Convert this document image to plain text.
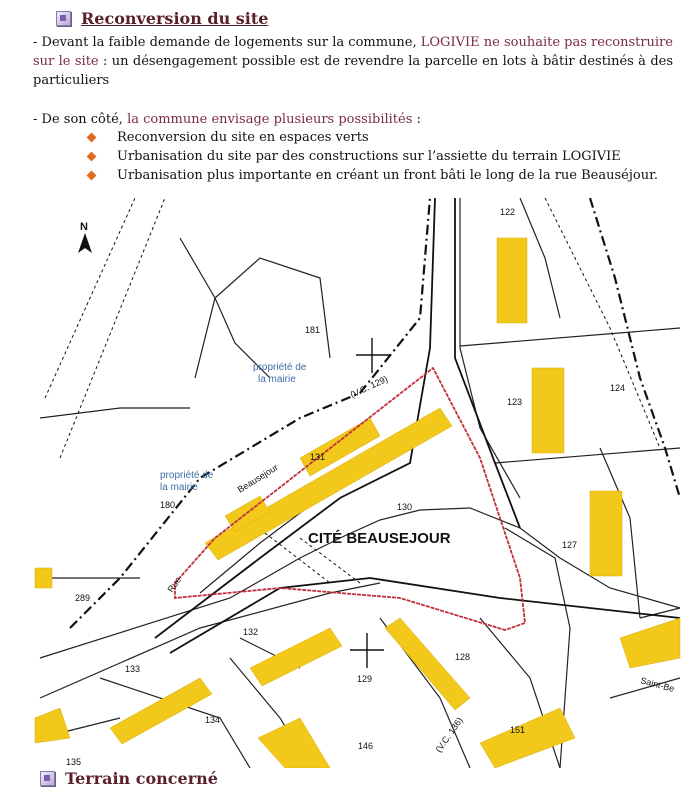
Reconversion du site
- Devant la faible demande de logements sur la commune, LOGIVIE ne souhaite pas reconstruire sur le site : un désengagement possible est de revendre la parcelle en lots à bâtir destinés à des particuliers
- De son côté, la commune envisage plusieurs possibilités :
Reconversion du site en espaces verts
Urbanisation du site par des constructions sur l’assiette du terrain LOGIVIE
Urbanisation plus importante en créant un front bâti le long de la rue Beauséjour.
N
CITÉ BEAUSEJOUR
propriété de
la mairie
propriété de
la mairie	Beausejour
Rue
(V.C. 129)
(V.C. 136)
Saint-Be
122
181
124
123
131
130
180
127
289
132
128
133
129
134
146
151
135
Terrain concerné
